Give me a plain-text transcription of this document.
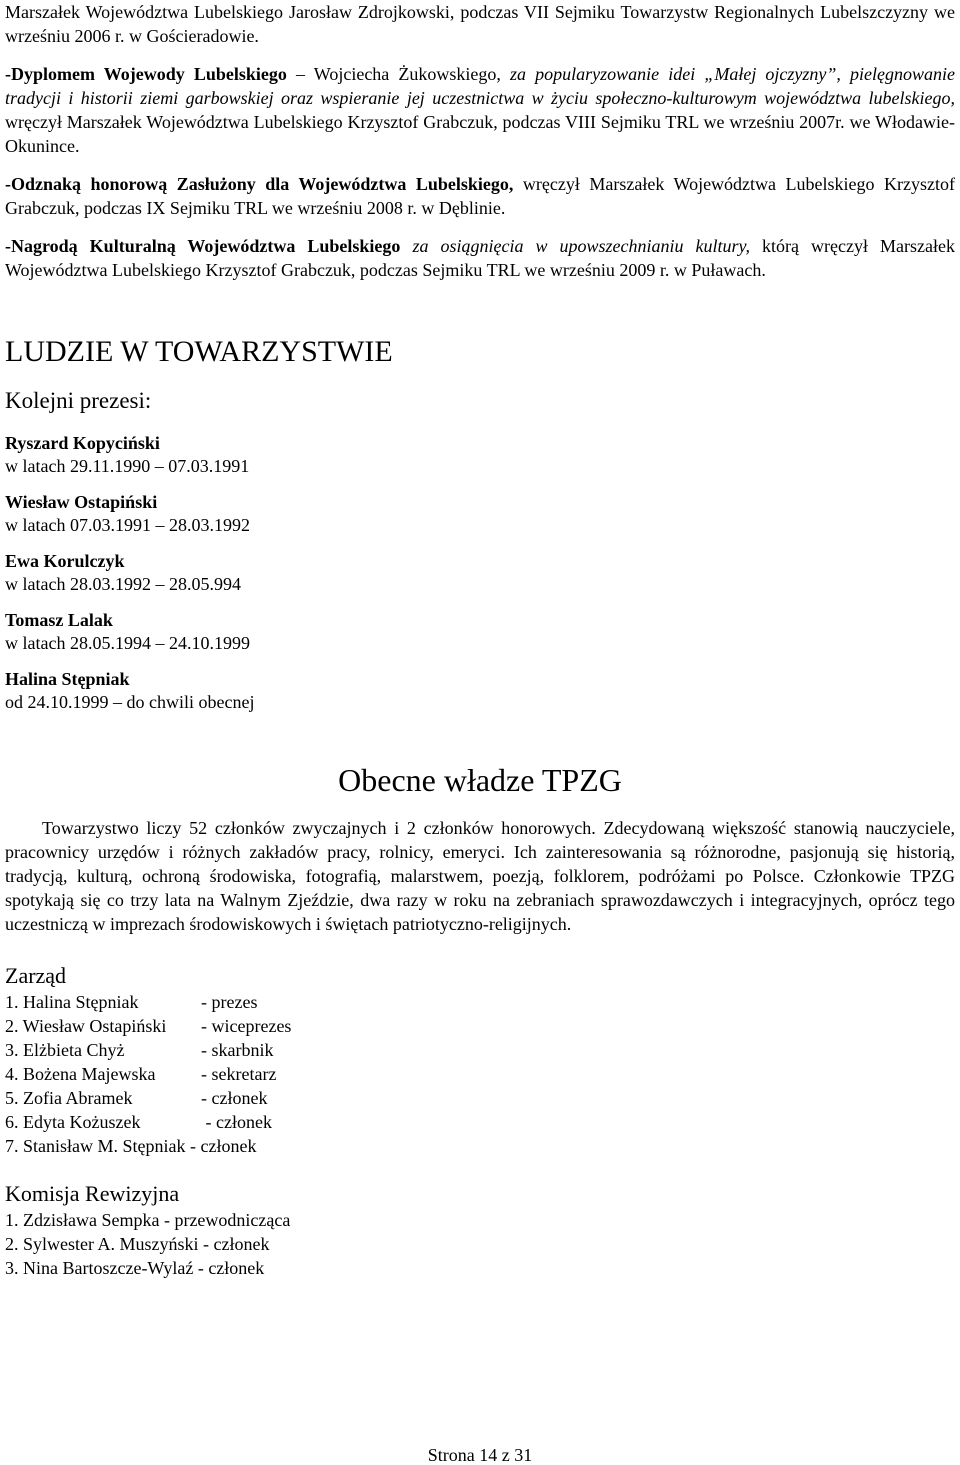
Marszałek Województwa Lubelskiego Jarosław Zdrojkowski, podczas VII Sejmiku Towarzystw Regionalnych Lubelszczyzny we wrześniu 2006 r. w Gościeradowie.

-Dyplomem Wojewody Lubelskiego – Wojciecha Żukowskiego, za popularyzowanie idei „Małej ojczyzny”, pielęgnowanie tradycji i historii ziemi garbowskiej oraz wspieranie jej uczestnictwa w życiu społeczno-kulturowym województwa lubelskiego, wręczył Marszałek Województwa Lubelskiego Krzysztof Grabczuk, podczas VIII Sejmiku TRL we wrześniu 2007r. we Włodawie-Okunince.

-Odznaką honorową Zasłużony dla Województwa Lubelskiego, wręczył Marszałek Województwa Lubelskiego Krzysztof Grabczuk, podczas IX Sejmiku TRL we wrześniu 2008 r. w Dęblinie.

-Nagrodą Kulturalną Województwa Lubelskiego za osiągnięcia w upowszechnianiu kultury, którą wręczył Marszałek Województwa Lubelskiego Krzysztof Grabczuk, podczas Sejmiku TRL we wrześniu 2009 r. w Puławach.

LUDZIE W TOWARZYSTWIE
Kolejni prezesi:
Ryszard Kopyciński
w latach 29.11.1990 – 07.03.1991
Wiesław Ostapiński
w latach 07.03.1991 – 28.03.1992
Ewa Korulczyk
w latach 28.03.1992 – 28.05.994
Tomasz Lalak
w latach 28.05.1994 – 24.10.1999
Halina Stępniak
od 24.10.1999 – do chwili obecnej
Obecne władze TPZG

Towarzystwo liczy 52 członków zwyczajnych i 2 członków honorowych. Zdecydowaną większość stanowią nauczyciele, pracownicy urzędów i różnych zakładów pracy, rolnicy, emeryci. Ich zainteresowania są różnorodne, pasjonują się historią, tradycją, kulturą, ochroną środowiska, fotografią, malarstwem, poezją, folklorem, podróżami po Polsce. Członkowie TPZG spotykają się co trzy lata na Walnym Zjeździe, dwa razy w roku na zebraniach sprawozdawczych i integracyjnych, oprócz tego uczestniczą w imprezach środowiskowych i świętach patriotyczno-religijnych.

Zarząd
1. Halina Stępniak	- prezes
2. Wiesław Ostapiński - wiceprezes
3. Elżbieta Chyż	- skarbnik
4. Bożena Majewska	- sekretarz
5. Zofia Abramek	- członek
6. Edyta Kożuszek	- członek
7. Stanisław M. Stępniak - członek
Komisja Rewizyjna
1. Zdzisława Sempka - przewodnicząca
2. Sylwester A. Muszyński - członek
3. Nina Bartoszcze-Wylaź - członek
Strona 14 z 31
